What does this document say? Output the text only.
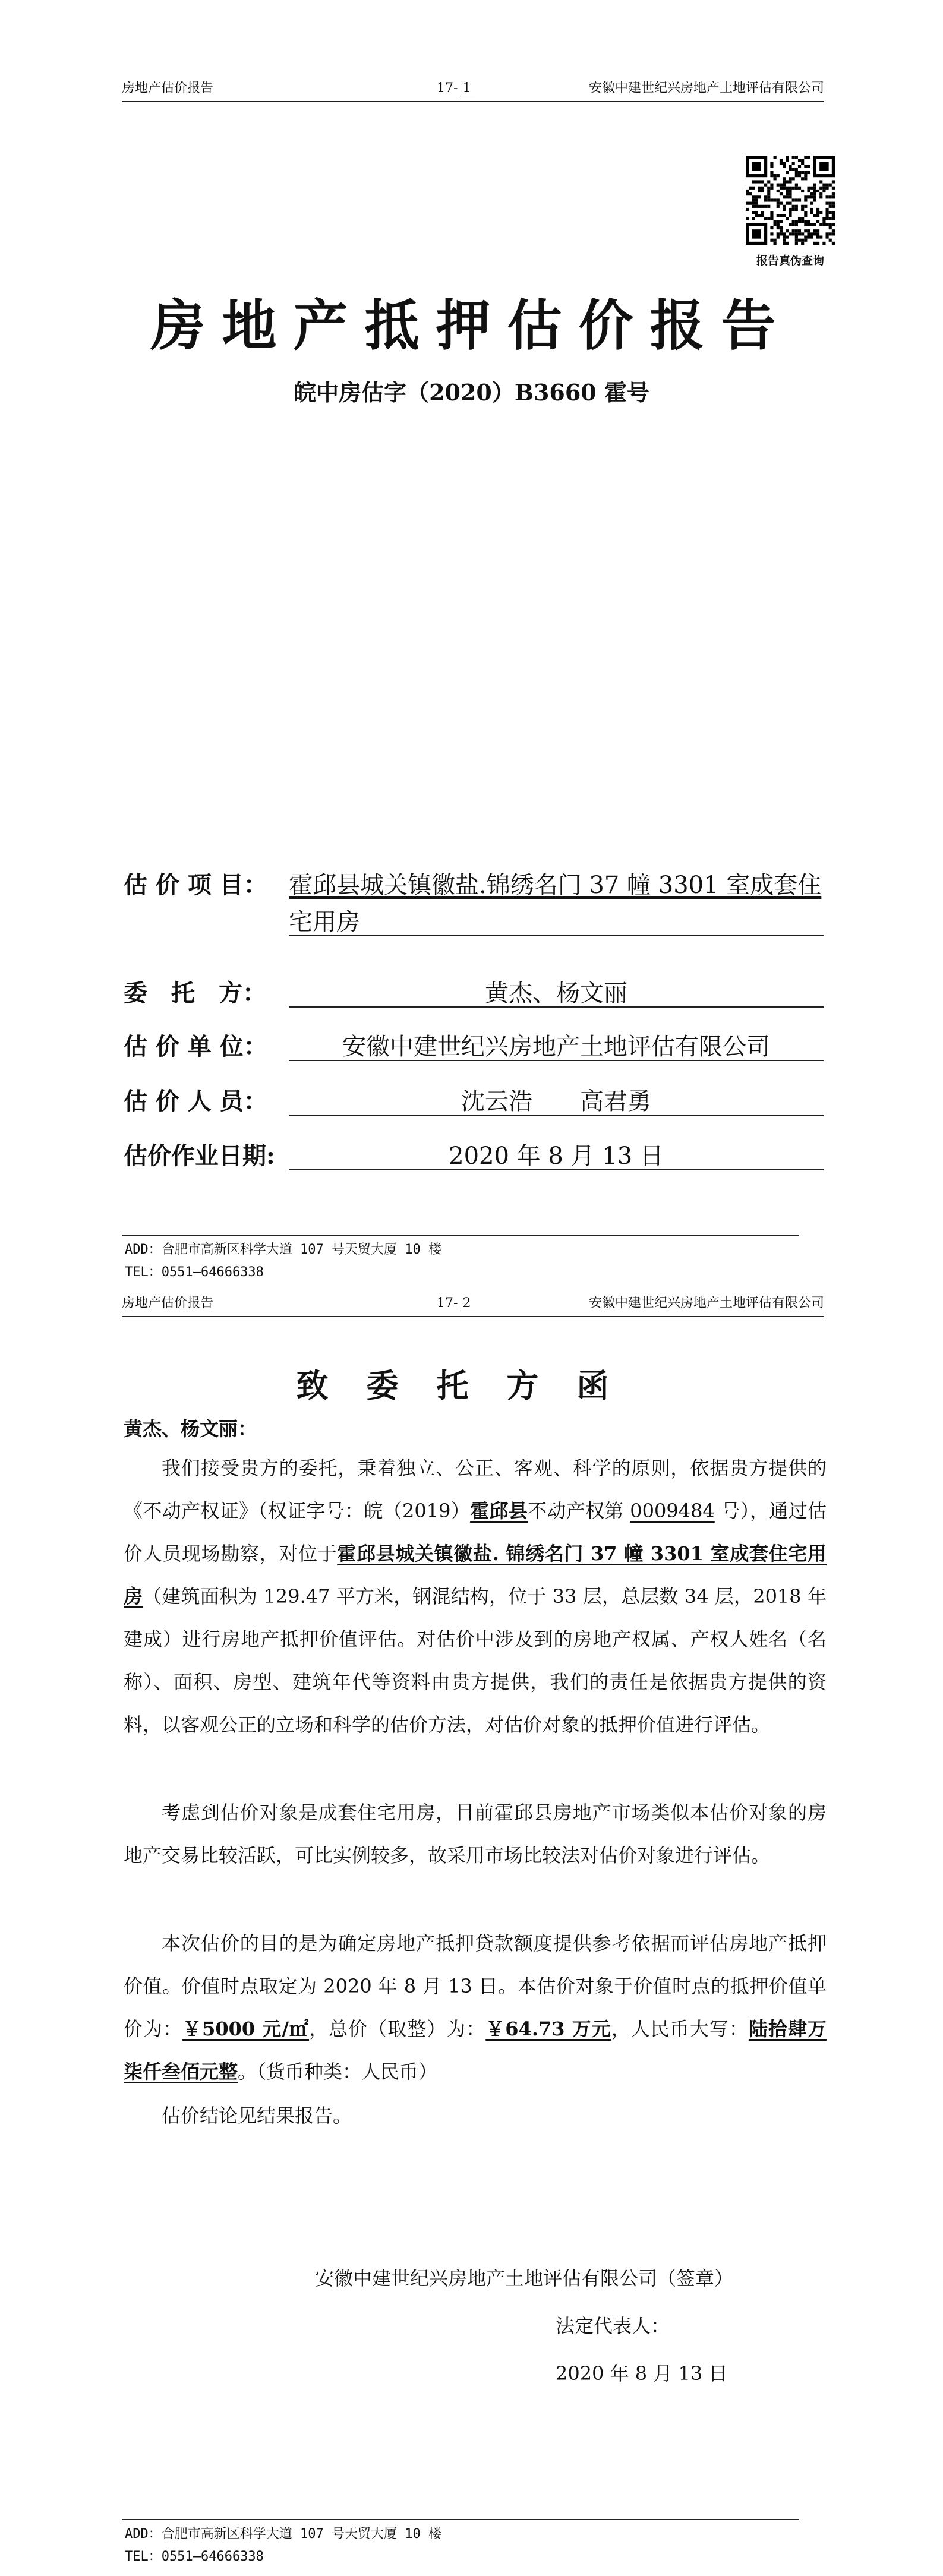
房地产估价报告	17- 1	安徽中建世纪兴房地产土地评估有限公司
报告真伪查询
房地产抵押估价报告
皖中房估字（2020）B3660 霍号
估 价 项 目： 霍邱县城关镇徽盐.锦绣名门 37 幢 3301 室成套住
宅用房
委　托　方：	黄杰、杨文丽
估 价 单 位：	安徽中建世纪兴房地产土地评估有限公司
估 价 人 员：	沈云浩　　高君勇
估价作业日期:	2020 年 8 月 13 日
ADD：合肥市高新区科学大道 107 号天贸大厦 10 楼
TEL：0551—64666338
房地产估价报告	17- 2	安徽中建世纪兴房地产土地评估有限公司
致委托方函
黄杰、杨文丽：
我们接受贵方的委托，秉着独立、公正、客观、科学的原则，依据贵方提供的《不动产权证》（权证字号：皖（2019）霍邱县不动产权第 0009484 号），通过估价人员现场勘察，对位于霍邱县城关镇徽盐. 锦绣名门 37 幢 3301 室成套住宅用房（建筑面积为 129.47 平方米，钢混结构，位于 33 层，总层数 34 层，2018 年建成）进行房地产抵押价值评估。对估价中涉及到的房地产权属、产权人姓名（名称）、面积、房型、建筑年代等资料由贵方提供，我们的责任是依据贵方提供的资料，以客观公正的立场和科学的估价方法，对估价对象的抵押价值进行评估。
考虑到估价对象是成套住宅用房，目前霍邱县房地产市场类似本估价对象的房地产交易比较活跃，可比实例较多，故采用市场比较法对估价对象进行评估。
本次估价的目的是为确定房地产抵押贷款额度提供参考依据而评估房地产抵押价值。价值时点取定为 2020 年 8 月 13 日。本估价对象于价值时点的抵押价值单价为：￥5000 元/㎡，总价（取整）为：￥64.73 万元，人民币大写：陆拾肆万柒仟叁佰元整。（货币种类：人民币）
估价结论见结果报告。
安徽中建世纪兴房地产土地评估有限公司（签章）
法定代表人：
2020 年 8 月 13 日
ADD：合肥市高新区科学大道 107 号天贸大厦 10 楼
TEL：0551—64666338
